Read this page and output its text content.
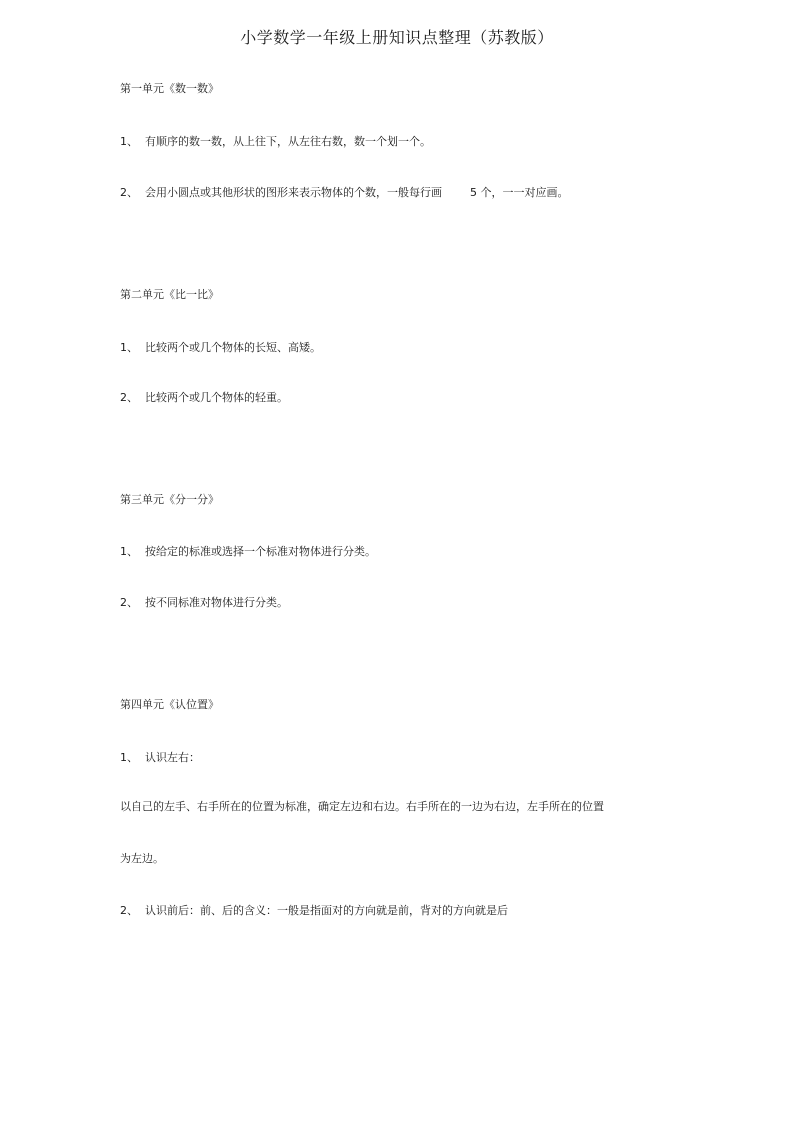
小学数学一年级上册知识点整理（苏教版）
第一单元《数一数》
1、 有顺序的数一数，从上往下，从左往右数，数一个划一个。
2、 会用小圆点或其他形状的图形来表示物体的个数，一般每行画	5 个，一一对应画。
第二单元《比一比》
1、 比较两个或几个物体的长短、高矮。
2、 比较两个或几个物体的轻重。
第三单元《分一分》
1、 按给定的标准或选择一个标准对物体进行分类。
2、 按不同标准对物体进行分类。
第四单元《认位置》
1、 认识左右：
以自己的左手、右手所在的位置为标准，确定左边和右边。右手所在的一边为右边，左手所在的位置
为左边。
2、 认识前后：前、后的含义：一般是指面对的方向就是前，背对的方向就是后
